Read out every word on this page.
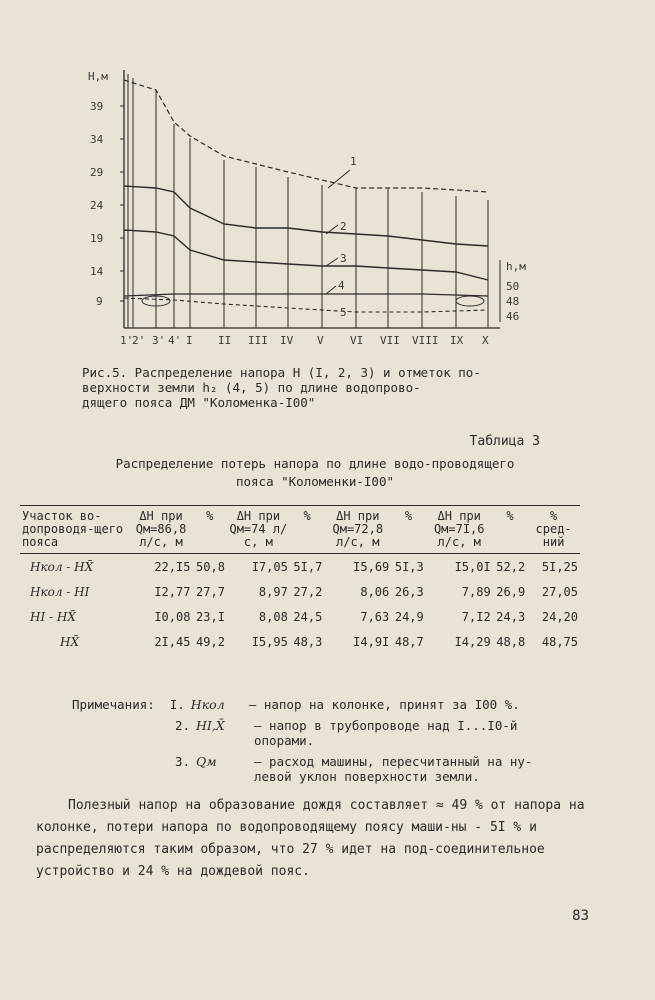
H,м
39
34
29
24
19
14
9
1
2
3
4
5
h,м
50
48
46
1'
2' 3' 4' I II III IV V VI VII VIII IX X
Рис.5. Распределение напора H (I, 2, 3) и отметок по-
верхности земли h₂ (4, 5) по длине водопрово-
дящего пояса ДМ "Коломенка-I00"
Таблица 3
Распределение потерь напора по длине водо-проводящего пояса "Коломенки-I00"
Участок во-допроводя-щего пояса	ΔH при Qм=86,8 л/с, м	%	ΔH при Qм=74 л/с, м	%	ΔH при Qм=72,8 л/с, м	%	ΔH при Qм=7I,6 л/с, м	%	% сред-ний
Hкол - HX̄	22,I5	50,8	I7,05	5I,7	I5,69	5I,3	I5,0I	52,2	5I,25
Hкол - HI	I2,77	27,7	8,97	27,2	8,06	26,3	7,89	26,9	27,05
HI - HX̄	I0,08	23,I	8,08	24,5	7,63	24,9	7,I2	24,3	24,20
HX̄	2I,45	49,2	I5,95	48,3	I4,9I	48,7	I4,29	48,8	48,75
Примечания:	I. Hкол	– напор на колонке, принят за I00 %.
2. HI,X̄	– напор в трубопроводе над I...I0-й опорами.
3. Qм	– расход машины, пересчитанный на ну-левой уклон поверхности земли.
Полезный напор на образование дождя составляет ≈ 49 % от напора на колонке, потери напора по водопроводящему поясу маши-ны - 5I % и распределяются таким образом, что 27 % идет на под-соединительное устройство и 24 % на дождевой пояс.
83
